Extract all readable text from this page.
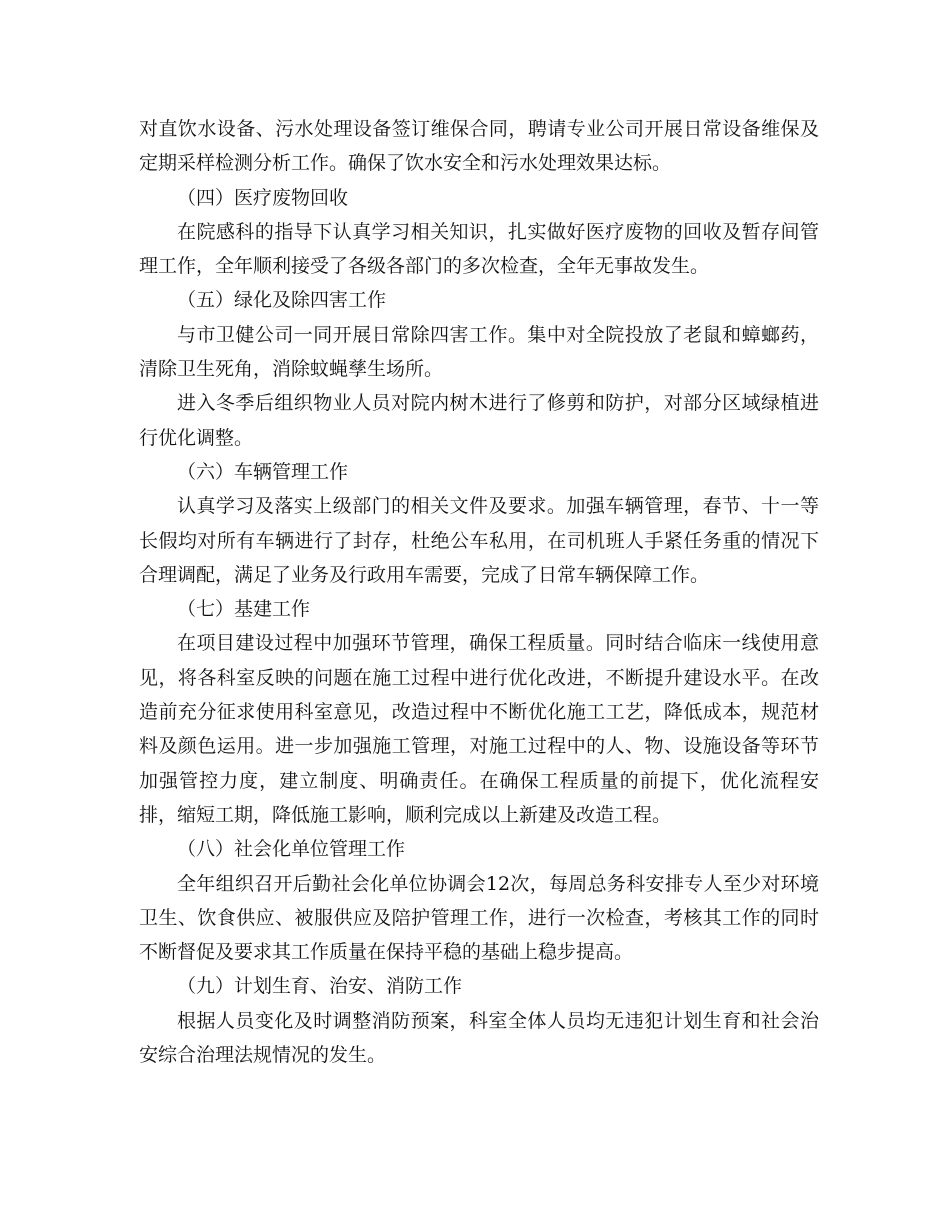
对直饮水设备、污水处理设备签订维保合同，聘请专业公司开展日常设备维保及定期采样检测分析工作。确保了饮水安全和污水处理效果达标。

（四）医疗废物回收

在院感科的指导下认真学习相关知识，扎实做好医疗废物的回收及暂存间管理工作，全年顺利接受了各级各部门的多次检查，全年无事故发生。

（五）绿化及除四害工作

与市卫健公司一同开展日常除四害工作。集中对全院投放了老鼠和蟑螂药，清除卫生死角，消除蚊蝇孳生场所。

进入冬季后组织物业人员对院内树木进行了修剪和防护，对部分区域绿植进行优化调整。

（六）车辆管理工作

认真学习及落实上级部门的相关文件及要求。加强车辆管理，春节、十一等长假均对所有车辆进行了封存，杜绝公车私用，在司机班人手紧任务重的情况下合理调配，满足了业务及行政用车需要，完成了日常车辆保障工作。

（七）基建工作

在项目建设过程中加强环节管理，确保工程质量。同时结合临床一线使用意见，将各科室反映的问题在施工过程中进行优化改进，不断提升建设水平。在改造前充分征求使用科室意见，改造过程中不断优化施工工艺，降低成本，规范材料及颜色运用。进一步加强施工管理，对施工过程中的人、物、设施设备等环节加强管控力度，建立制度、明确责任。在确保工程质量的前提下，优化流程安排，缩短工期，降低施工影响，顺利完成以上新建及改造工程。

（八）社会化单位管理工作

全年组织召开后勤社会化单位协调会12次，每周总务科安排专人至少对环境卫生、饮食供应、被服供应及陪护管理工作，进行一次检查，考核其工作的同时不断督促及要求其工作质量在保持平稳的基础上稳步提高。

（九）计划生育、治安、消防工作

根据人员变化及时调整消防预案，科室全体人员均无违犯计划生育和社会治安综合治理法规情况的发生。
